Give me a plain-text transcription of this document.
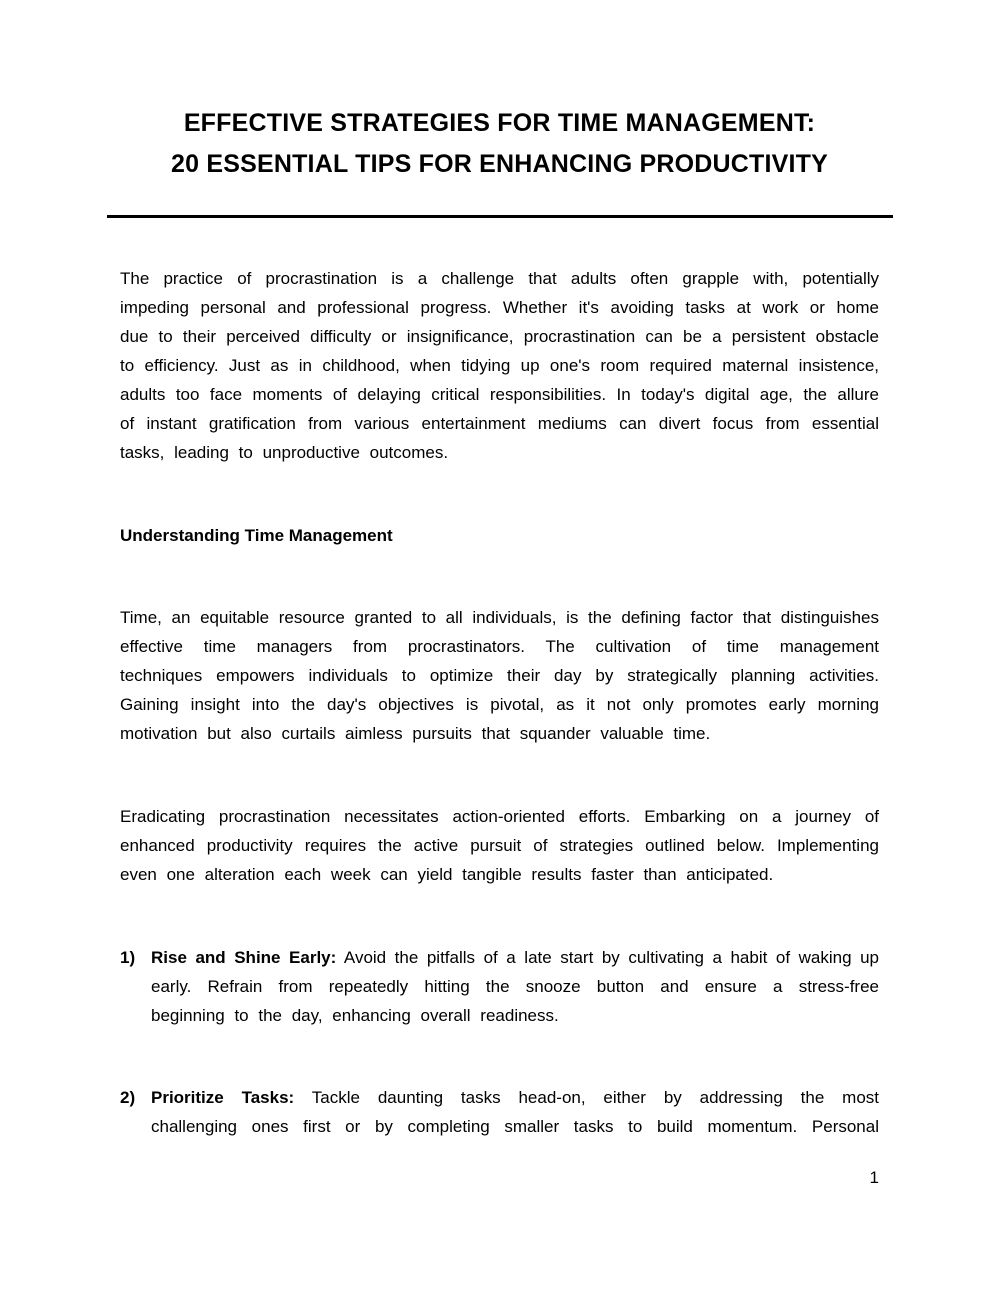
EFFECTIVE STRATEGIES FOR TIME MANAGEMENT:
20 ESSENTIAL TIPS FOR ENHANCING PRODUCTIVITY
The practice of procrastination is a challenge that adults often grapple with, potentially
impeding personal and professional progress. Whether it's avoiding tasks at work or home
due to their perceived difficulty or insignificance, procrastination can be a persistent obstacle
to efficiency. Just as in childhood, when tidying up one's room required maternal insistence,
adults too face moments of delaying critical responsibilities. In today's digital age, the allure
of instant gratification from various entertainment mediums can divert focus from essential
tasks, leading to unproductive outcomes.
Understanding Time Management
Time, an equitable resource granted to all individuals, is the defining factor that distinguishes
effective time managers from procrastinators. The cultivation of time management
techniques empowers individuals to optimize their day by strategically planning activities.
Gaining insight into the day's objectives is pivotal, as it not only promotes early morning
motivation but also curtails aimless pursuits that squander valuable time.
Eradicating procrastination necessitates action-oriented efforts. Embarking on a journey of
enhanced productivity requires the active pursuit of strategies outlined below. Implementing
even one alteration each week can yield tangible results faster than anticipated.
1) Rise and Shine Early: Avoid the pitfalls of a late start by cultivating a habit of waking up
early. Refrain from repeatedly hitting the snooze button and ensure a stress-free
beginning to the day, enhancing overall readiness.
2) Prioritize Tasks: Tackle daunting tasks head-on, either by addressing the most
challenging ones first or by completing smaller tasks to build momentum. Personal
1
